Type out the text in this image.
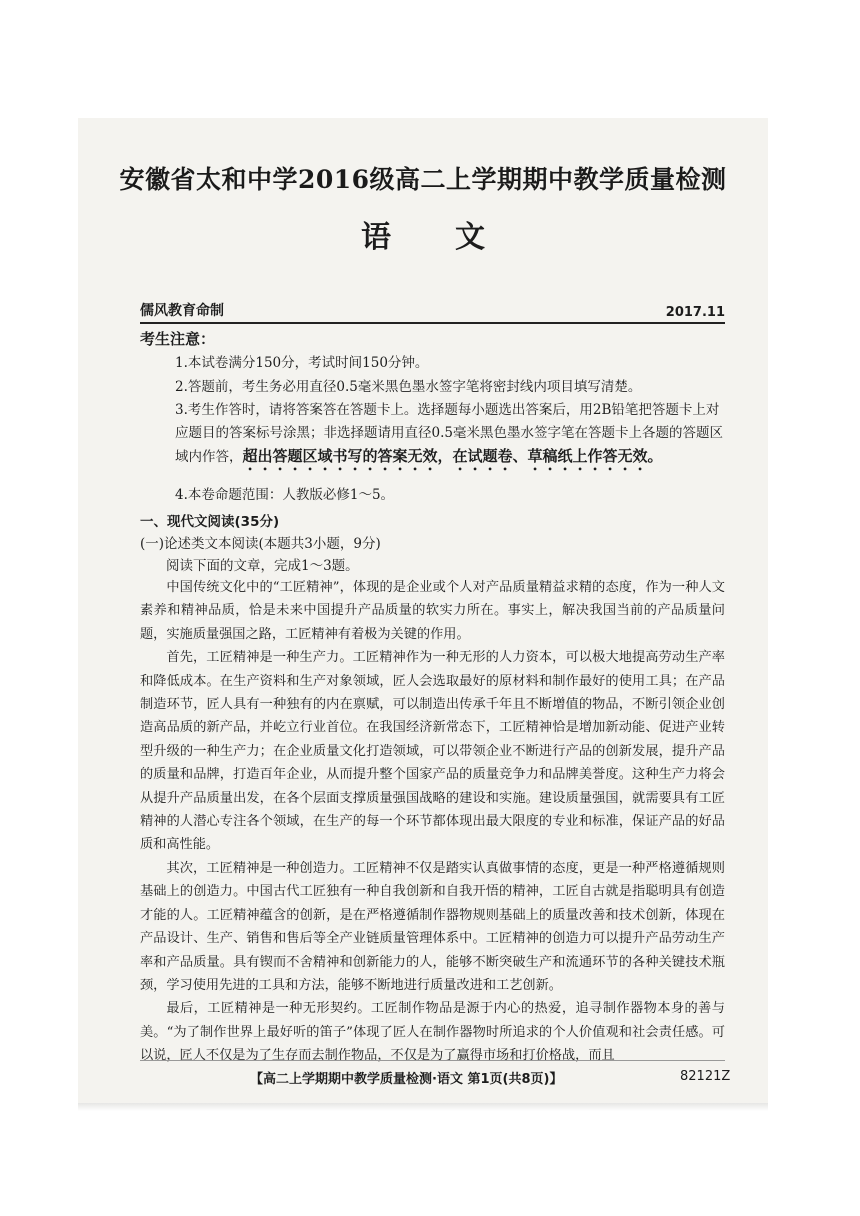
安徽省太和中学2016级高二上学期期中教学质量检测
语文
儒风教育命制	2017.11
考生注意：
1.本试卷满分150分，考试时间150分钟。
2.答题前，考生务必用直径0.5毫米黑色墨水签字笔将密封线内项目填写清楚。
3.考生作答时，请将答案答在答题卡上。选择题每小题选出答案后，用2B铅笔把答题卡上对应题目的答案标号涂黑；非选择题请用直径0.5毫米黑色墨水签字笔在答题卡上各题的答题区域内作答，超出答题区域书写的答案无效，在试题卷、草稿纸上作答无效。
4.本卷命题范围：人教版必修1～5。
一、现代文阅读(35分)
(一)论述类文本阅读(本题共3小题，9分)
阅读下面的文章，完成1～3题。

中国传统文化中的“工匠精神”，体现的是企业或个人对产品质量精益求精的态度，作为一种人文素养和精神品质，恰是未来中国提升产品质量的软实力所在。事实上，解决我国当前的产品质量问题，实施质量强国之路，工匠精神有着极为关键的作用。

首先，工匠精神是一种生产力。工匠精神作为一种无形的人力资本，可以极大地提高劳动生产率和降低成本。在生产资料和生产对象领域，匠人会选取最好的原材料和制作最好的使用工具；在产品制造环节，匠人具有一种独有的内在禀赋，可以制造出传承千年且不断增值的物品，不断引领企业创造高品质的新产品，并屹立行业首位。在我国经济新常态下，工匠精神恰是增加新动能、促进产业转型升级的一种生产力；在企业质量文化打造领域，可以带领企业不断进行产品的创新发展，提升产品的质量和品牌，打造百年企业，从而提升整个国家产品的质量竞争力和品牌美誉度。这种生产力将会从提升产品质量出发，在各个层面支撑质量强国战略的建设和实施。建设质量强国，就需要具有工匠精神的人潜心专注各个领域，在生产的每一个环节都体现出最大限度的专业和标准，保证产品的好品质和高性能。

其次，工匠精神是一种创造力。工匠精神不仅是踏实认真做事情的态度，更是一种严格遵循规则基础上的创造力。中国古代工匠独有一种自我创新和自我开悟的精神，工匠自古就是指聪明具有创造才能的人。工匠精神蕴含的创新，是在严格遵循制作器物规则基础上的质量改善和技术创新，体现在产品设计、生产、销售和售后等全产业链质量管理体系中。工匠精神的创造力可以提升产品劳动生产率和产品质量。具有锲而不舍精神和创新能力的人，能够不断突破生产和流通环节的各种关键技术瓶颈，学习使用先进的工具和方法，能够不断地进行质量改进和工艺创新。

最后，工匠精神是一种无形契约。工匠制作物品是源于内心的热爱，追寻制作器物本身的善与美。“为了制作世界上最好听的笛子”体现了匠人在制作器物时所追求的个人价值观和社会责任感。可以说，匠人不仅是为了生存而去制作物品，不仅是为了赢得市场和打价格战，而且

【高二上学期期中教学质量检测·语文 第1页(共8页)】	82121Z
